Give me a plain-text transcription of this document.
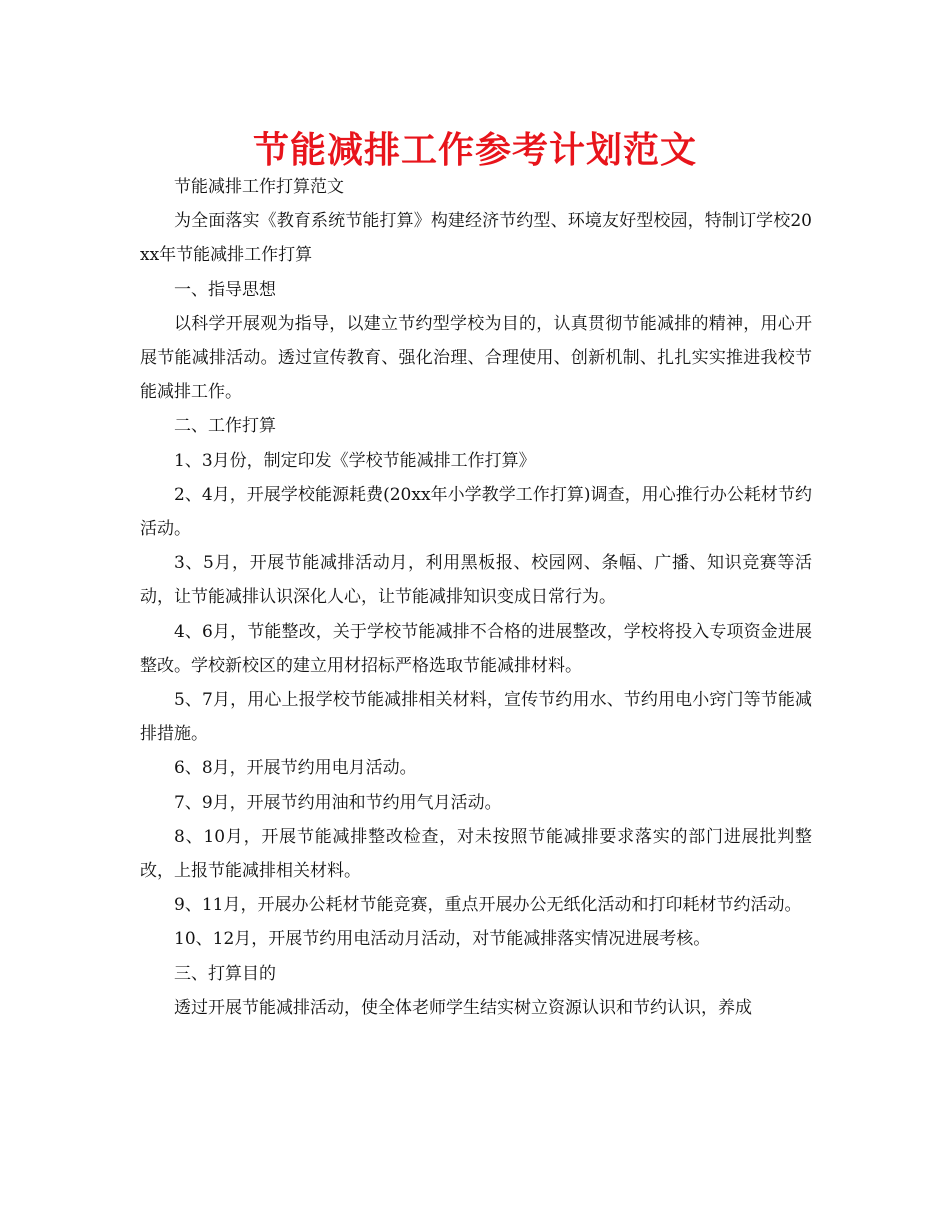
节能减排工作参考计划范文

节能减排工作打算范文

为全面落实《教育系统节能打算》构建经济节约型、环境友好型校园，特制订学校20xx年节能减排工作打算

一、指导思想

以科学开展观为指导，以建立节约型学校为目的，认真贯彻节能减排的精神，用心开展节能减排活动。透过宣传教育、强化治理、合理使用、创新机制、扎扎实实推进我校节能减排工作。

二、工作打算

1、3月份，制定印发《学校节能减排工作打算》

2、4月，开展学校能源耗费(20xx年小学教学工作打算)调查，用心推行办公耗材节约活动。

3、5月，开展节能减排活动月，利用黑板报、校园网、条幅、广播、知识竞赛等活动，让节能减排认识深化人心，让节能减排知识变成日常行为。

4、6月，节能整改，关于学校节能减排不合格的进展整改，学校将投入专项资金进展整改。学校新校区的建立用材招标严格选取节能减排材料。

5、7月，用心上报学校节能减排相关材料，宣传节约用水、节约用电小窍门等节能减排措施。

6、8月，开展节约用电月活动。

7、9月，开展节约用油和节约用气月活动。

8、10月，开展节能减排整改检查，对未按照节能减排要求落实的部门进展批判整改，上报节能减排相关材料。

9、11月，开展办公耗材节能竞赛，重点开展办公无纸化活动和打印耗材节约活动。

10、12月，开展节约用电活动月活动，对节能减排落实情况进展考核。

三、打算目的

透过开展节能减排活动，使全体老师学生结实树立资源认识和节约认识，养成
